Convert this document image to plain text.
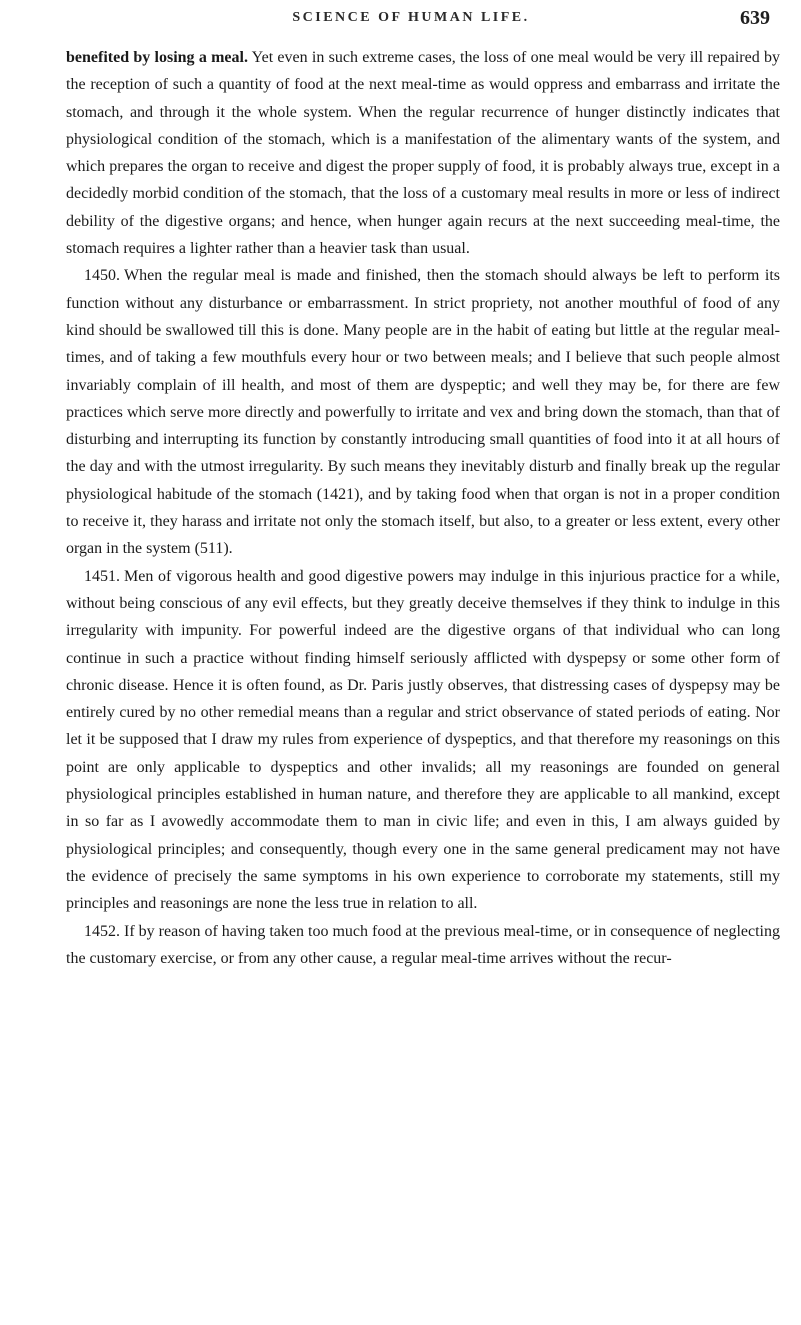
SCIENCE OF HUMAN LIFE.	639

benefited by losing a meal. Yet even in such extreme cases, the loss of one meal would be very ill repaired by the reception of such a quantity of food at the next meal-time as would oppress and embarrass and irritate the stomach, and through it the whole system. When the regular recurrence of hunger distinctly indicates that physiological condition of the stomach, which is a manifestation of the alimentary wants of the system, and which prepares the organ to receive and digest the proper supply of food, it is probably always true, except in a decidedly morbid condition of the stomach, that the loss of a customary meal results in more or less of indirect debility of the digestive organs; and hence, when hunger again recurs at the next succeeding meal-time, the stomach requires a lighter rather than a heavier task than usual.

1450. When the regular meal is made and finished, then the stomach should always be left to perform its function without any disturbance or embarrassment. In strict propriety, not another mouthful of food of any kind should be swallowed till this is done. Many people are in the habit of eating but little at the regular meal-times, and of taking a few mouthfuls every hour or two between meals; and I believe that such people almost invariably complain of ill health, and most of them are dyspeptic; and well they may be, for there are few practices which serve more directly and powerfully to irritate and vex and bring down the stomach, than that of disturbing and interrupting its function by constantly introducing small quantities of food into it at all hours of the day and with the utmost irregularity. By such means they inevitably disturb and finally break up the regular physiological habitude of the stomach (1421), and by taking food when that organ is not in a proper condition to receive it, they harass and irritate not only the stomach itself, but also, to a greater or less extent, every other organ in the system (511).

1451. Men of vigorous health and good digestive powers may indulge in this injurious practice for a while, without being conscious of any evil effects, but they greatly deceive themselves if they think to indulge in this irregularity with impunity. For powerful indeed are the digestive organs of that individual who can long continue in such a practice without finding himself seriously afflicted with dyspepsy or some other form of chronic disease. Hence it is often found, as Dr. Paris justly observes, that distressing cases of dyspepsy may be entirely cured by no other remedial means than a regular and strict observance of stated periods of eating. Nor let it be supposed that I draw my rules from experience of dyspeptics, and that therefore my reasonings on this point are only applicable to dyspeptics and other invalids; all my reasonings are founded on general physiological principles established in human nature, and therefore they are applicable to all mankind, except in so far as I avowedly accommodate them to man in civic life; and even in this, I am always guided by physiological principles; and consequently, though every one in the same general predicament may not have the evidence of precisely the same symptoms in his own experience to corroborate my statements, still my principles and reasonings are none the less true in relation to all.

1452. If by reason of having taken too much food at the previous meal-time, or in consequence of neglecting the customary exercise, or from any other cause, a regular meal-time arrives without the recur-
